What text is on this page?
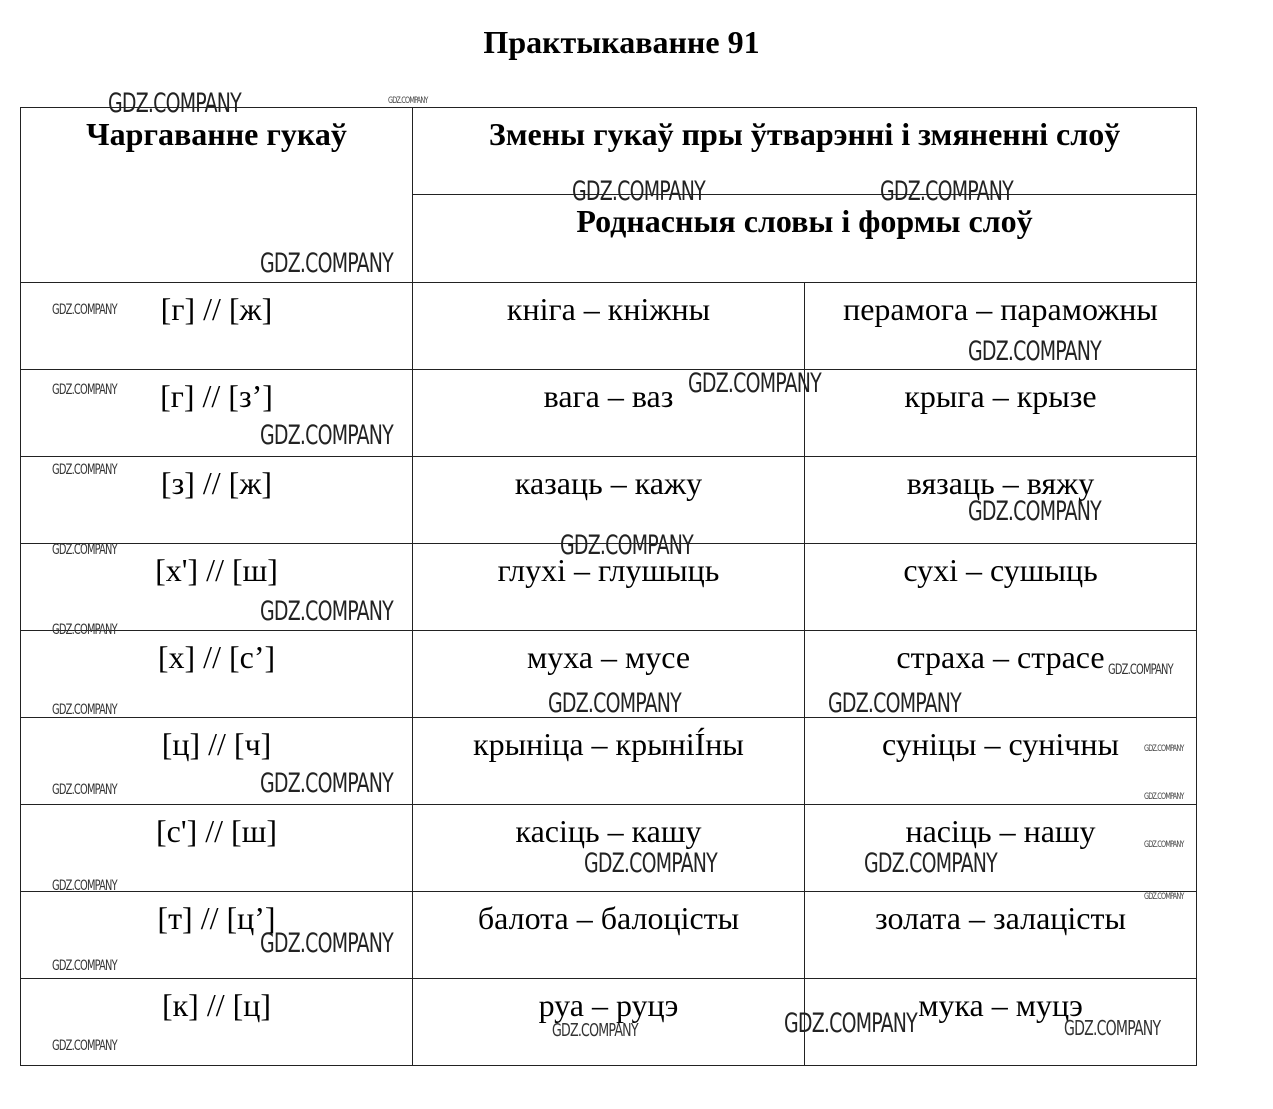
Практыкаванне 91
Чаргаванне гукаў	Змены гукаў пры ўтварэнні і змяненні слоў	
	Роднасныя словы і формы слоў	
[г] // [ж]	кніга – кніжны	перамога – параможны
[г] // [з’]	вага – ваз	крыга – крызе
[з] // [ж]	казаць – кажу	вязаць – вяжу
[х'] // [ш]	глухі – глушыць	сухі – сушыць
[х] // [с’]	муха – мусе	страха – страсе
[ц] // [ч]	крыніца – крыніÍны	суніцы – сунічны
[с'] // [ш]	касіць – кашу	насіць – нашу
[т] // [ц’]	балота – балоцісты	золата – залацісты
[к] // [ц]	руа – руцэ	мука – муцэ
GDZ.COMPANY	GDZ.COMPANY
GDZ.COMPANY	GDZ.COMPANY
GDZ.COMPANY
GDZ.COMPANY
GDZ.COMPANY
GDZ.COMPANY
GDZ.COMPANY
GDZ.COMPANY
GDZ.COMPANY
GDZ.COMPANY
GDZ.COMPANY
GDZ.COMPANY
GDZ.COMPANY
GDZ.COMPANY
GDZ.COMPANY
GDZ.COMPANY	GDZ.COMPANY
GDZ.COMPANY
GDZ.COMPANY
GDZ.COMPANY
GDZ.COMPANY	GDZ.COMPANY
GDZ.COMPANY
GDZ.COMPANY	GDZ.COMPANY
GDZ.COMPANY
GDZ.COMPANY
GDZ.COMPANY
GDZ.COMPANY
GDZ.COMPANY	GDZ.COMPANY
GDZ.COMPANY
GDZ.COMPANY
